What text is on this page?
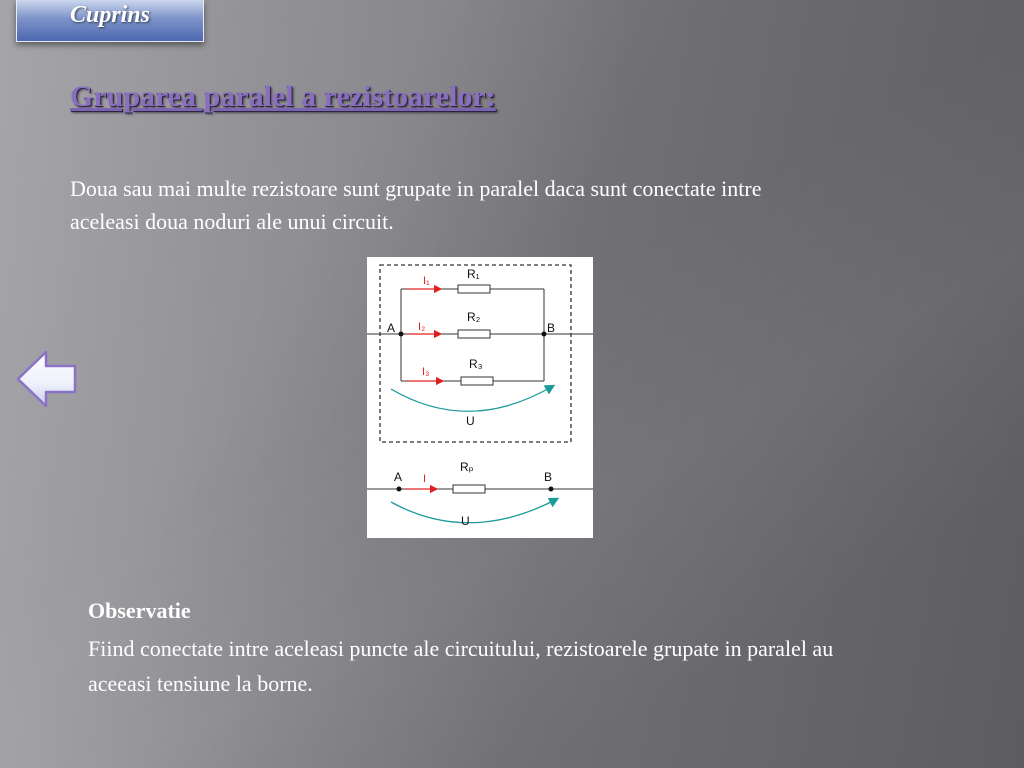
Cuprins
Gruparea paralel a rezistoarelor:

Doua sau mai multe rezistoare sunt grupate in paralel daca sunt conectate intre aceleasi doua noduri ale unui circuit.

R₁
I₁
R₂
I₂
R₃
I₃
A	B
U
A	B
I
Rₚ
U

Observatie

Fiind conectate intre aceleasi puncte ale circuitului, rezistoarele grupate in paralel au aceeasi tensiune la borne.
